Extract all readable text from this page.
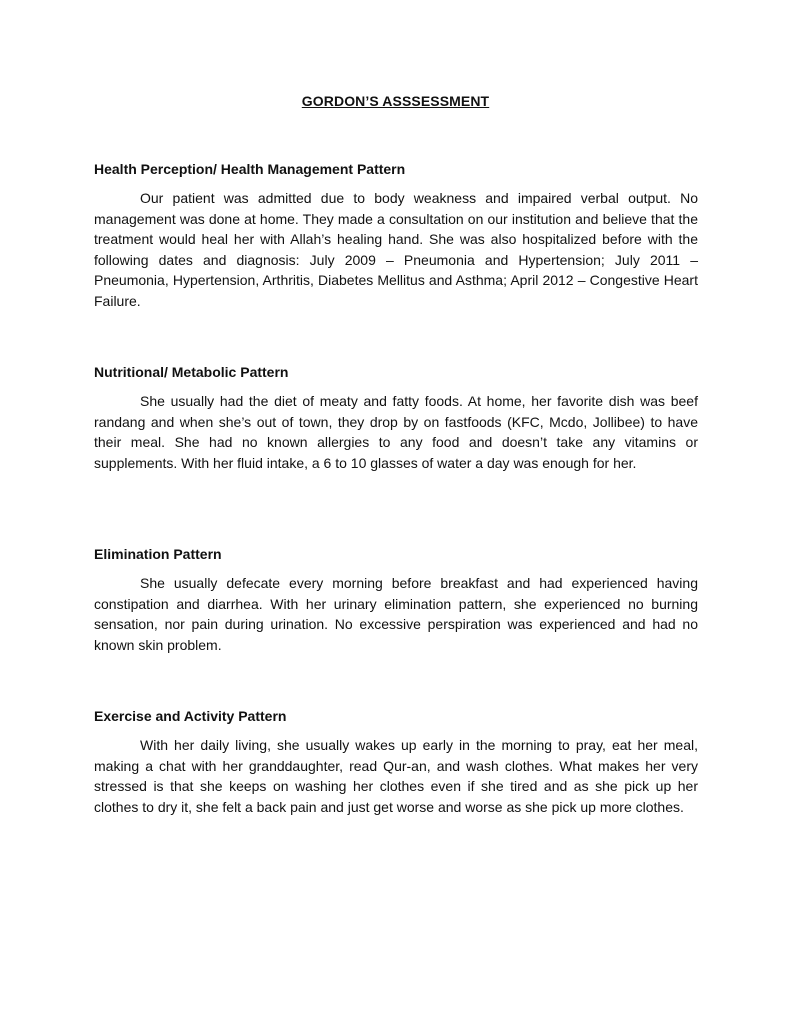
GORDON’S ASSSESSMENT
Health Perception/ Health Management Pattern

Our patient was admitted due to body weakness and impaired verbal output. No management was done at home. They made a consultation on our institution and believe that the treatment would heal her with Allah’s healing hand. She was also hospitalized before with the following dates and diagnosis: July 2009 – Pneumonia and Hypertension; July 2011 – Pneumonia, Hypertension, Arthritis, Diabetes Mellitus and Asthma; April 2012 – Congestive Heart Failure.

Nutritional/ Metabolic Pattern

She usually had the diet of meaty and fatty foods. At home, her favorite dish was beef randang and when she’s out of town, they drop by on fastfoods (KFC, Mcdo, Jollibee) to have their meal. She had no known allergies to any food and doesn’t take any vitamins or supplements. With her fluid intake, a 6 to 10 glasses of water a day was enough for her.

Elimination Pattern

She usually defecate every morning before breakfast and had experienced having constipation and diarrhea. With her urinary elimination pattern, she experienced no burning sensation, nor pain during urination. No excessive perspiration was experienced and had no known skin problem.

Exercise and Activity Pattern

With her daily living, she usually wakes up early in the morning to pray, eat her meal, making a chat with her granddaughter, read Qur-an, and wash clothes. What makes her very stressed is that she keeps on washing her clothes even if she tired and as she pick up her clothes to dry it, she felt a back pain and just get worse and worse as she pick up more clothes.
